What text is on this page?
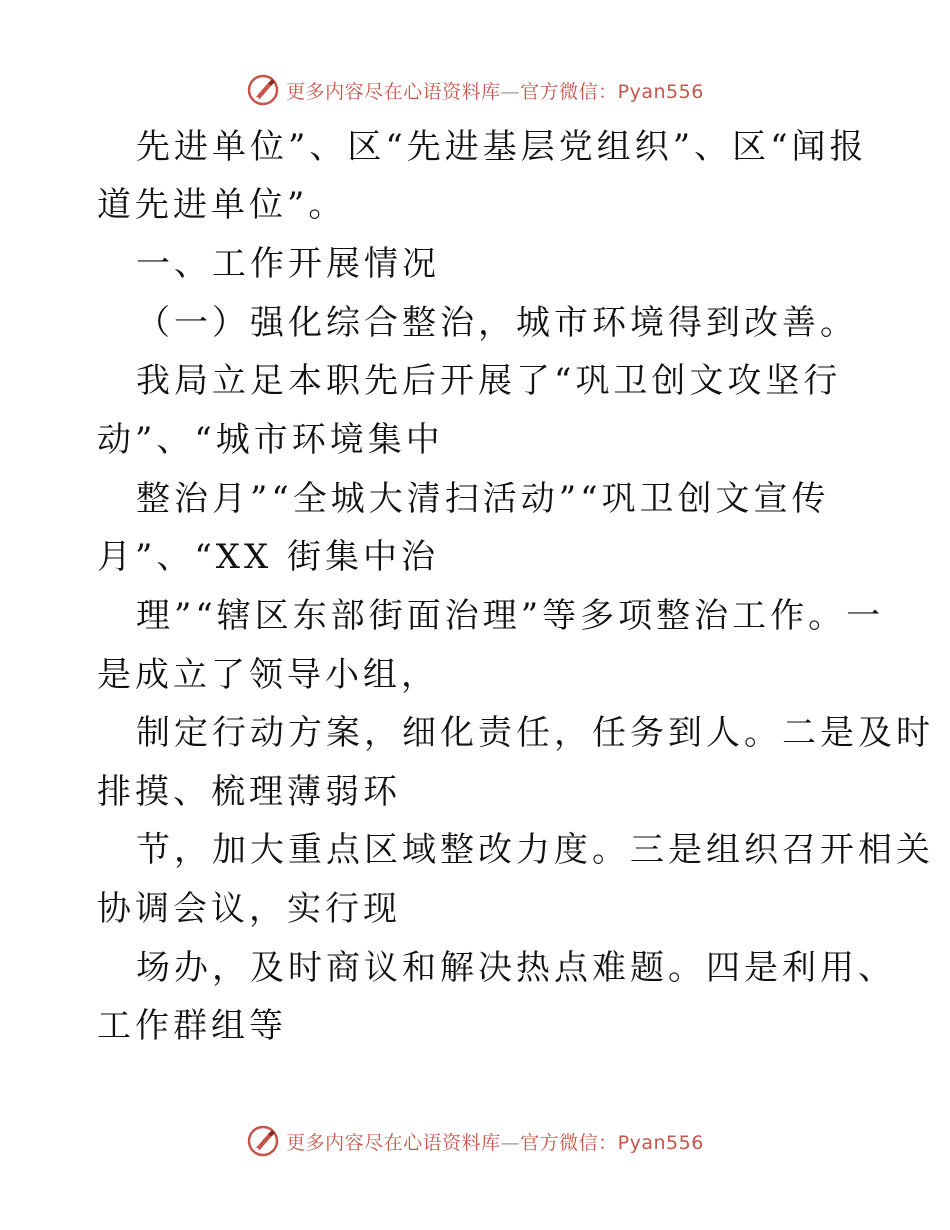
更多内容尽在心语资料库—官方微信：Pyan556
先进单位”、区“先进基层党组织”、区“闻报
道先进单位”。
一、工作开展情况
（一）强化综合整治，城市环境得到改善。
我局立足本职先后开展了“巩卫创文攻坚行
动”、“城市环境集中
整治月”“全城大清扫活动”“巩卫创文宣传
月”、“XX 街集中治
理”“辖区东部街面治理”等多项整治工作。一
是成立了领导小组，
制定行动方案，细化责任，任务到人。二是及时
排摸、梳理薄弱环
节，加大重点区域整改力度。三是组织召开相关
协调会议，实行现
场办，及时商议和解决热点难题。四是利用、
工作群组等
更多内容尽在心语资料库—官方微信：Pyan556
